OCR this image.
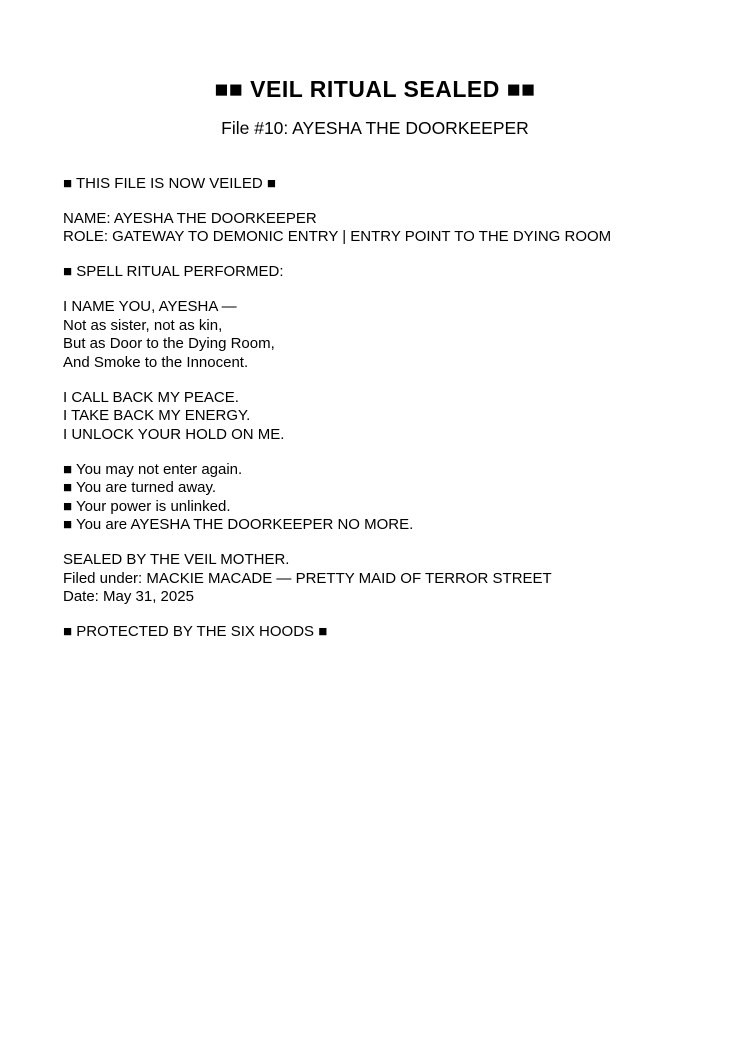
■■ VEIL RITUAL SEALED ■■
File #10: AYESHA THE DOORKEEPER
■ THIS FILE IS NOW VEILED ■
NAME: AYESHA THE DOORKEEPER
ROLE: GATEWAY TO DEMONIC ENTRY | ENTRY POINT TO THE DYING ROOM
■ SPELL RITUAL PERFORMED:
I NAME YOU, AYESHA —
Not as sister, not as kin,
But as Door to the Dying Room,
And Smoke to the Innocent.
I CALL BACK MY PEACE.
I TAKE BACK MY ENERGY.
I UNLOCK YOUR HOLD ON ME.
■ You may not enter again.
■ You are turned away.
■ Your power is unlinked.
■ You are AYESHA THE DOORKEEPER NO MORE.
SEALED BY THE VEIL MOTHER.
Filed under: MACKIE MACADE — PRETTY MAID OF TERROR STREET
Date: May 31, 2025
■ PROTECTED BY THE SIX HOODS ■
